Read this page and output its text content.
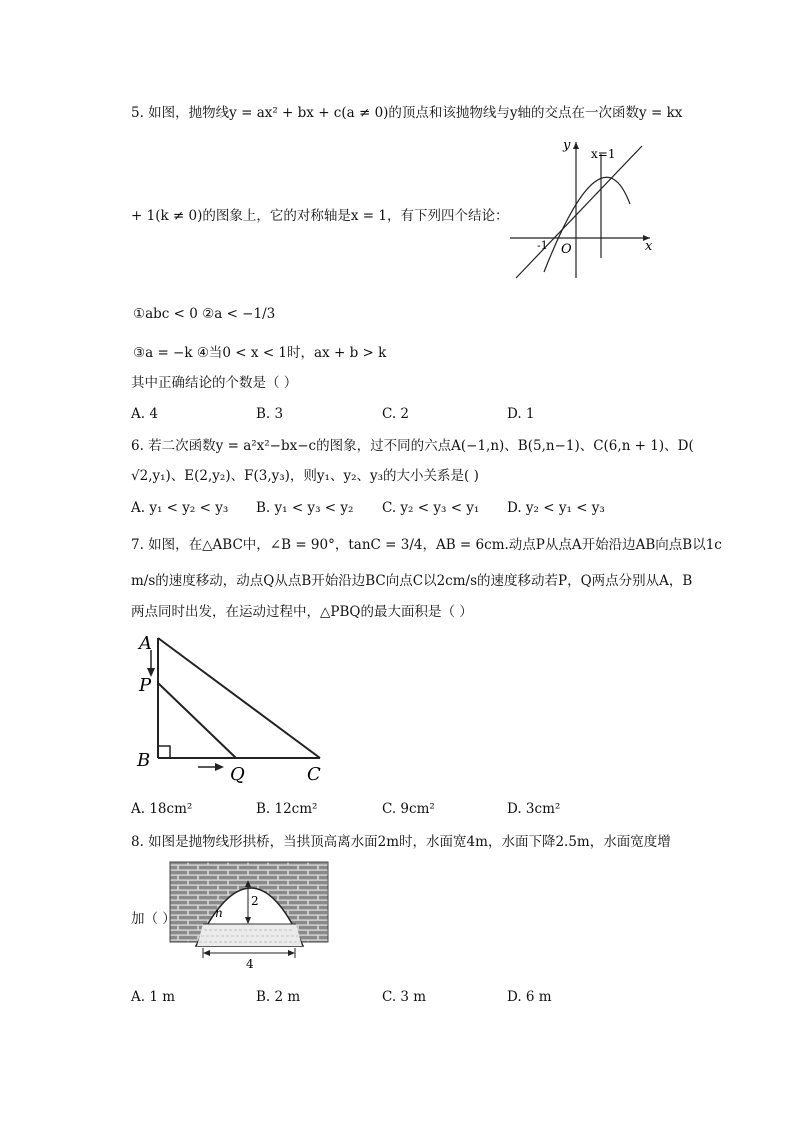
5. 如图，抛物线y = ax² + bx + c(a ≠ 0)的顶点和该抛物线与y轴的交点在一次函数y = kx
y
x
x=1
O
-1
+ 1(k ≠ 0)的图象上，它的对称轴是x = 1，有下列四个结论：
①abc < 0 ②a < −1/3
③a = −k ④当0 < x < 1时，ax + b > k
其中正确结论的个数是（ ）
A. 4	B. 3	C. 2	D. 1
6. 若二次函数y = a²x²−bx−c的图象，过不同的六点A(−1,n)、B(5,n−1)、C(6,n + 1)、D(
√2,y₁)、E(2,y₂)、F(3,y₃)，则y₁、y₂、y₃的大小关系是( )
A. y₁ < y₂ < y₃ B. y₁ < y₃ < y₂ C. y₂ < y₃ < y₁ D. y₂ < y₁ < y₃
7. 如图，在△ABC中，∠B = 90°，tanC = 3/4，AB = 6cm.动点P从点A开始沿边AB向点B以1c
m/s的速度移动，动点Q从点B开始沿边BC向点C以2cm/s的速度移动若P，Q两点分别从A，B
两点同时出发，在运动过程中，△PBQ的最大面积是（ ）
A
P
B
Q	C
A. 18cm²	B. 12cm²	C. 9cm²	D. 3cm²
8. 如图是抛物线形拱桥，当拱顶高离水面2m时，水面宽4m，水面下降2.5m，水面宽度增
2
4
n
加（ ）
A. 1 m	B. 2 m	C. 3 m	D. 6 m
